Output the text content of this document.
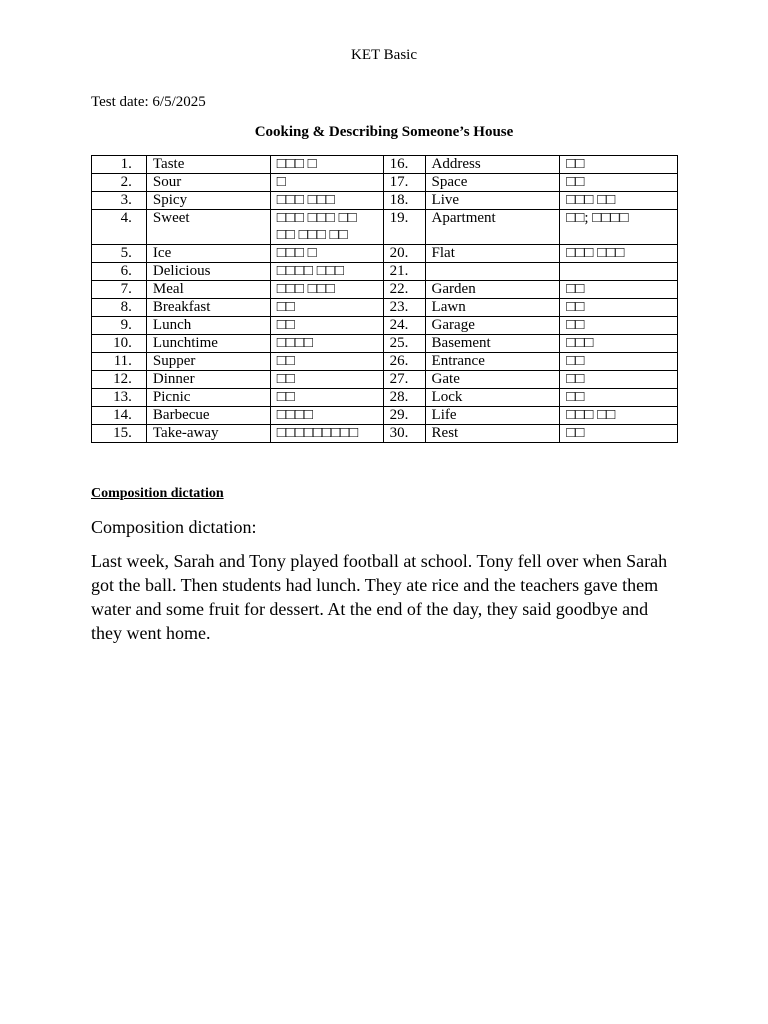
KET Basic
Test date: 6/5/2025
Cooking & Describing Someone’s House
1.	Taste	□□□ □	16.	Address	□□
2.	Sour	□	17.	Space	□□
3.	Spicy	□□□ □□□	18.	Live	□□□ □□
4.	Sweet	□□□ □□□ □□ □□ □□□ □□	19.	Apartment	□□; □□□□
5.	Ice	□□□ □	20.	Flat	□□□ □□□
6.	Delicious	□□□□ □□□	21.		
7.	Meal	□□□ □□□	22.	Garden	□□
8.	Breakfast	□□	23.	Lawn	□□
9.	Lunch	□□	24.	Garage	□□
10.	Lunchtime	□□□□	25.	Basement	□□□
11.	Supper	□□	26.	Entrance	□□
12.	Dinner	□□	27.	Gate	□□
13.	Picnic	□□	28.	Lock	□□
14.	Barbecue	□□□□	29.	Life	□□□ □□
15.	Take-away	□□□□□□□□□	30.	Rest	□□
Composition dictation
Composition dictation:

Last week, Sarah and Tony played football at school. Tony fell over when Sarah got the ball. Then students had lunch. They ate rice and the teachers gave them water and some fruit for dessert. At the end of the day, they said goodbye and they went home.
